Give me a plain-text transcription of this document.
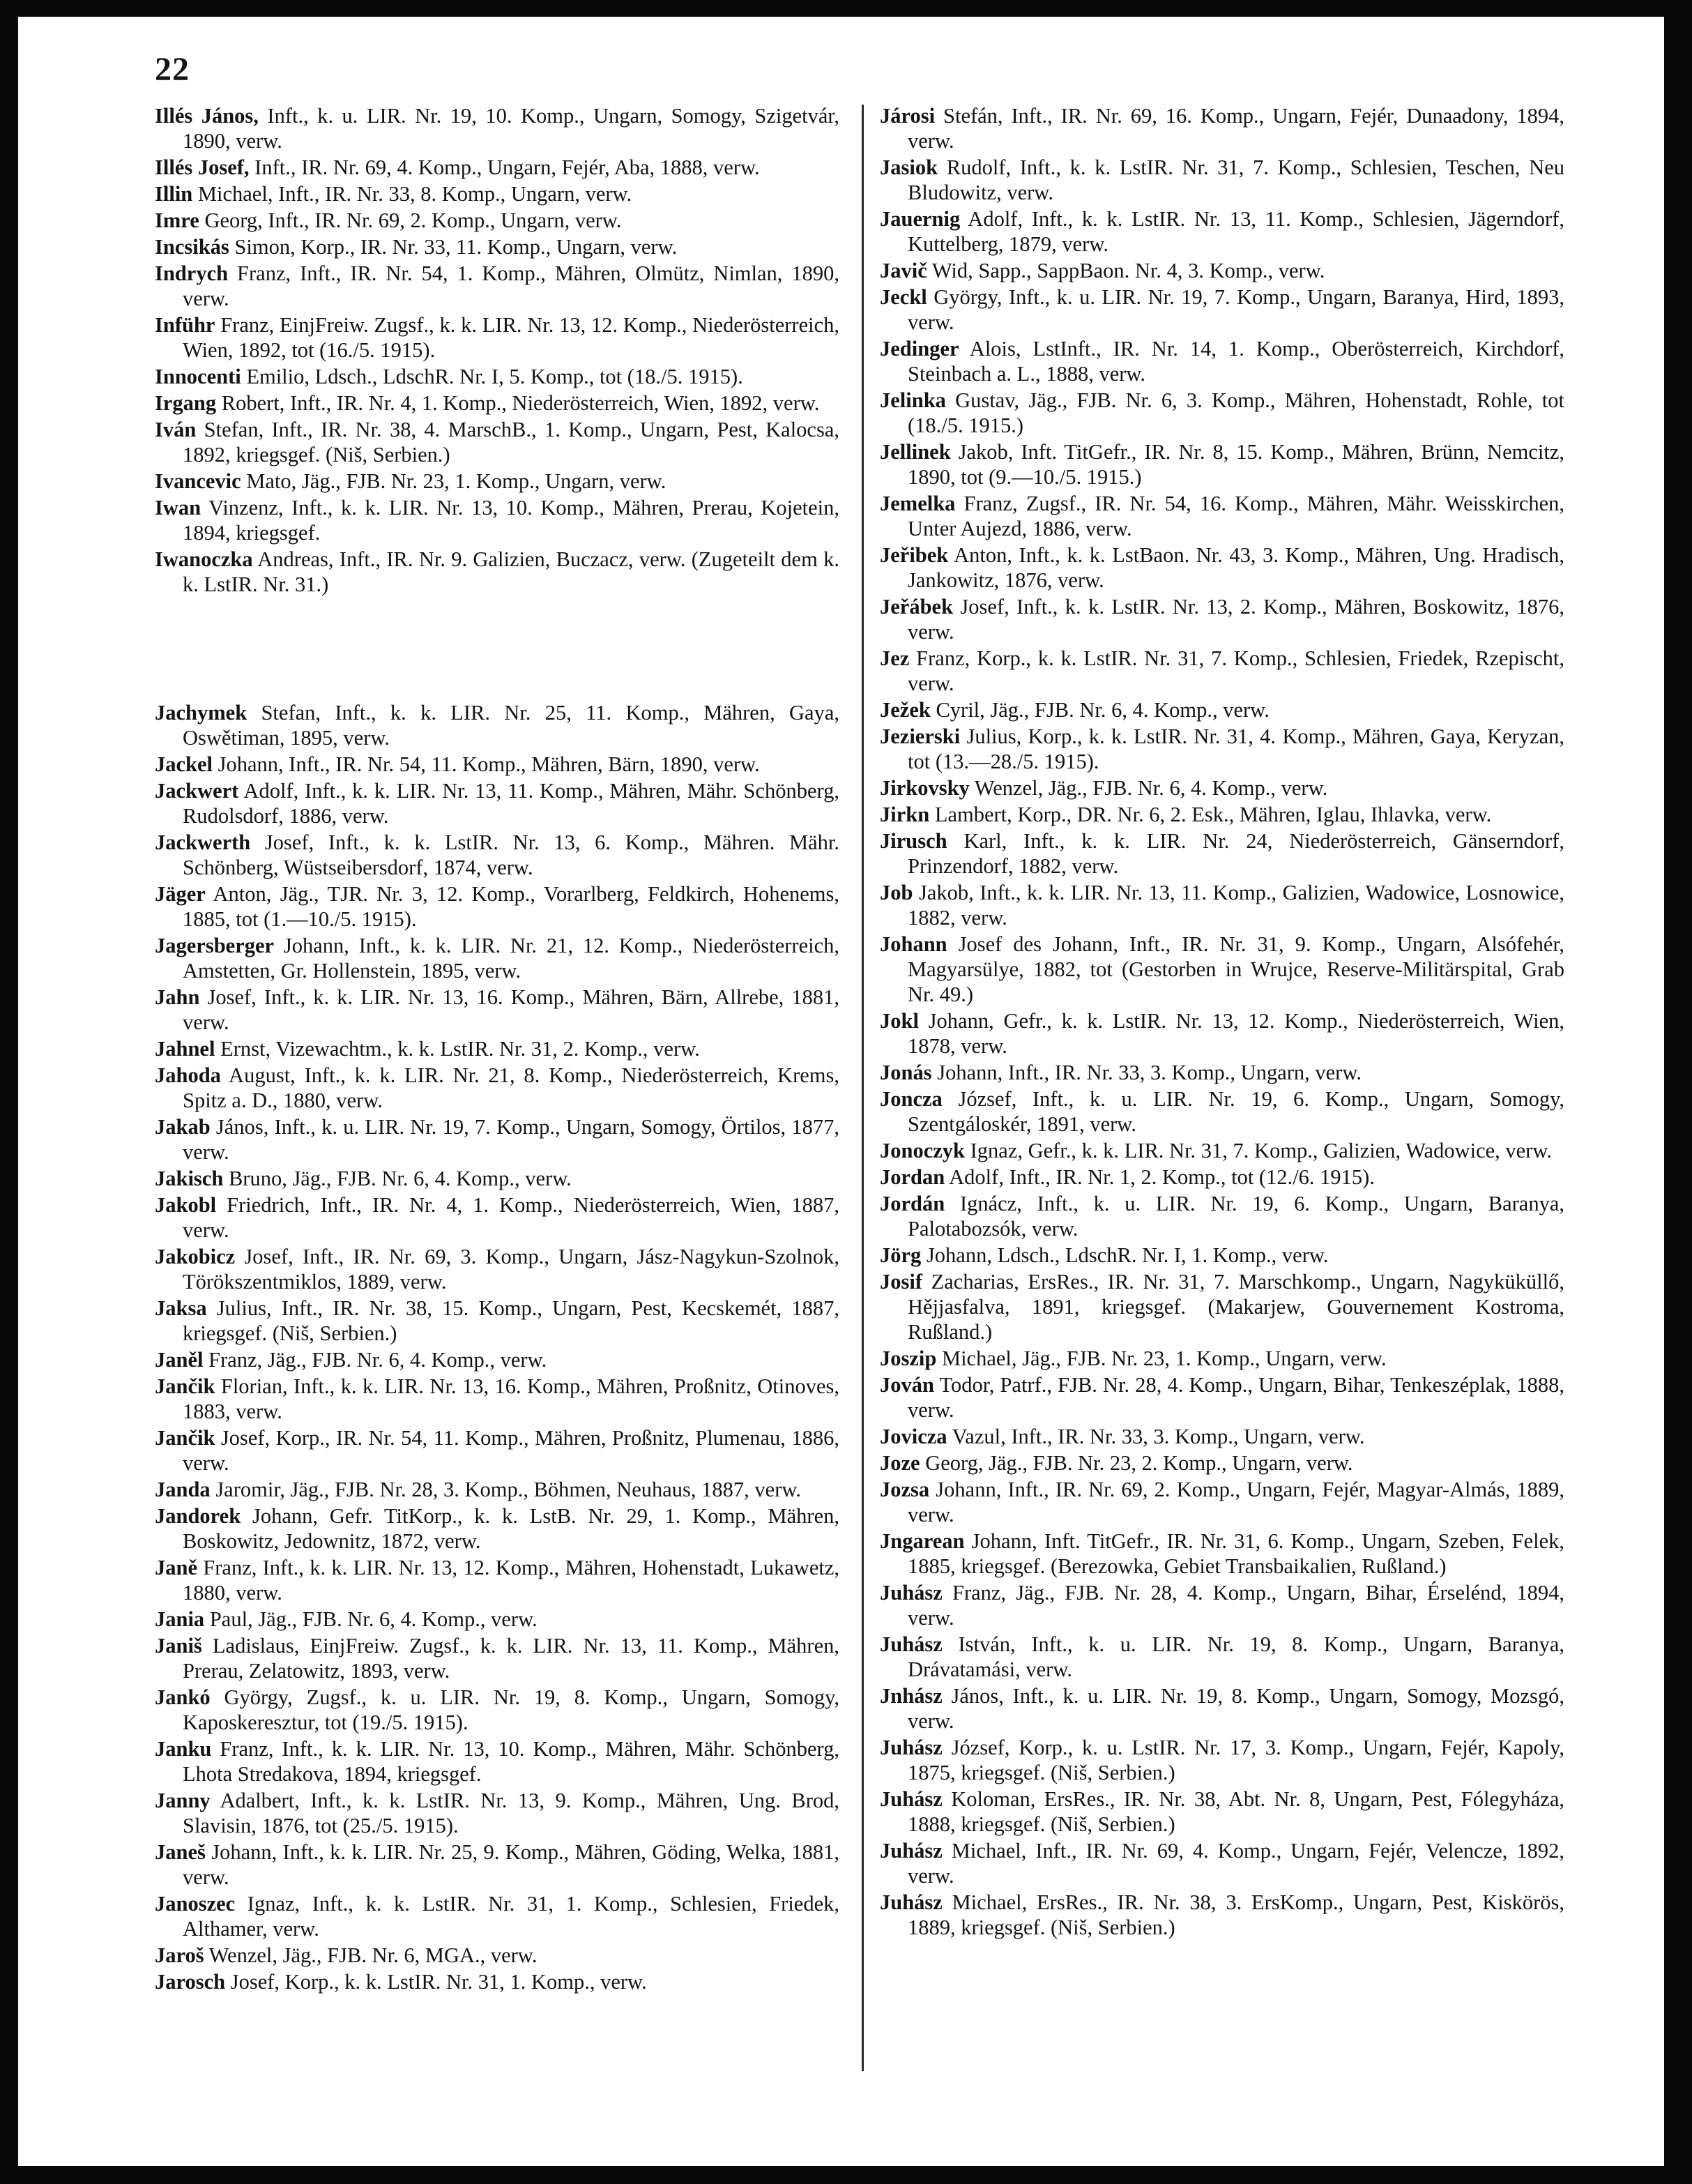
22
Illés János, Inft., k. u. LIR. Nr. 19, 10. Komp., Ungarn, Somogy, Szigetvár, 1890, verw.
Illés Josef, Inft., IR. Nr. 69, 4. Komp., Ungarn, Fejér, Aba, 1888, verw.
Illin Michael, Inft., IR. Nr. 33, 8. Komp., Ungarn, verw.
Imre Georg, Inft., IR. Nr. 69, 2. Komp., Ungarn, verw.
Incsikás Simon, Korp., IR. Nr. 33, 11. Komp., Ungarn, verw.
Indrych Franz, Inft., IR. Nr. 54, 1. Komp., Mähren, Olmütz, Nimlan, 1890, verw.
Inführ Franz, EinjFreiw. Zugsf., k. k. LIR. Nr. 13, 12. Komp., Niederösterreich, Wien, 1892, tot (16./5. 1915).
Innocenti Emilio, Ldsch., LdschR. Nr. I, 5. Komp., tot (18./5. 1915).
Irgang Robert, Inft., IR. Nr. 4, 1. Komp., Niederösterreich, Wien, 1892, verw.
Iván Stefan, Inft., IR. Nr. 38, 4. MarschB., 1. Komp., Ungarn, Pest, Kalocsa, 1892, kriegsgef. (Niš, Serbien.)
Ivancevic Mato, Jäg., FJB. Nr. 23, 1. Komp., Ungarn, verw.
Iwan Vinzenz, Inft., k. k. LIR. Nr. 13, 10. Komp., Mähren, Prerau, Kojetein, 1894, kriegsgef.
Iwanoczka Andreas, Inft., IR. Nr. 9. Galizien, Buczacz, verw. (Zugeteilt dem k. k. LstIR. Nr. 31.)
Jachymek Stefan, Inft., k. k. LIR. Nr. 25, 11. Komp., Mähren, Gaya, Oswětiman, 1895, verw.
Jackel Johann, Inft., IR. Nr. 54, 11. Komp., Mähren, Bärn, 1890, verw.
Jackwert Adolf, Inft., k. k. LIR. Nr. 13, 11. Komp., Mähren, Mähr. Schönberg, Rudolsdorf, 1886, verw.
Jackwerth Josef, Inft., k. k. LstIR. Nr. 13, 6. Komp., Mähren. Mähr. Schönberg, Wüstseibersdorf, 1874, verw.
Jäger Anton, Jäg., TJR. Nr. 3, 12. Komp., Vorarlberg, Feldkirch, Hohenems, 1885, tot (1.—10./5. 1915).
Jagersberger Johann, Inft., k. k. LIR. Nr. 21, 12. Komp., Niederösterreich, Amstetten, Gr. Hollenstein, 1895, verw.
Jahn Josef, Inft., k. k. LIR. Nr. 13, 16. Komp., Mähren, Bärn, Allrebe, 1881, verw.
Jahnel Ernst, Vizewachtm., k. k. LstIR. Nr. 31, 2. Komp., verw.
Jahoda August, Inft., k. k. LIR. Nr. 21, 8. Komp., Niederösterreich, Krems, Spitz a. D., 1880, verw.
Jakab János, Inft., k. u. LIR. Nr. 19, 7. Komp., Ungarn, Somogy, Örtilos, 1877, verw.
Jakisch Bruno, Jäg., FJB. Nr. 6, 4. Komp., verw.
Jakobl Friedrich, Inft., IR. Nr. 4, 1. Komp., Niederösterreich, Wien, 1887, verw.
Jakobicz Josef, Inft., IR. Nr. 69, 3. Komp., Ungarn, Jász-Nagykun-Szolnok, Törökszentmiklos, 1889, verw.
Jaksa Julius, Inft., IR. Nr. 38, 15. Komp., Ungarn, Pest, Kecskemét, 1887, kriegsgef. (Niš, Serbien.)
Janěl Franz, Jäg., FJB. Nr. 6, 4. Komp., verw.
Jančik Florian, Inft., k. k. LIR. Nr. 13, 16. Komp., Mähren, Proßnitz, Otinoves, 1883, verw.
Jančik Josef, Korp., IR. Nr. 54, 11. Komp., Mähren, Proßnitz, Plumenau, 1886, verw.
Janda Jaromir, Jäg., FJB. Nr. 28, 3. Komp., Böhmen, Neuhaus, 1887, verw.
Jandorek Johann, Gefr. TitKorp., k. k. LstB. Nr. 29, 1. Komp., Mähren, Boskowitz, Jedownitz, 1872, verw.
Janě Franz, Inft., k. k. LIR. Nr. 13, 12. Komp., Mähren, Hohenstadt, Lukawetz, 1880, verw.
Jania Paul, Jäg., FJB. Nr. 6, 4. Komp., verw.
Janiš Ladislaus, EinjFreiw. Zugsf., k. k. LIR. Nr. 13, 11. Komp., Mähren, Prerau, Zelatowitz, 1893, verw.
Jankó György, Zugsf., k. u. LIR. Nr. 19, 8. Komp., Ungarn, Somogy, Kaposkeresztur, tot (19./5. 1915).
Janku Franz, Inft., k. k. LIR. Nr. 13, 10. Komp., Mähren, Mähr. Schönberg, Lhota Stredakova, 1894, kriegsgef.
Janny Adalbert, Inft., k. k. LstIR. Nr. 13, 9. Komp., Mähren, Ung. Brod, Slavisin, 1876, tot (25./5. 1915).
Janeš Johann, Inft., k. k. LIR. Nr. 25, 9. Komp., Mähren, Göding, Welka, 1881, verw.
Janoszec Ignaz, Inft., k. k. LstIR. Nr. 31, 1. Komp., Schlesien, Friedek, Althamer, verw.
Jaroš Wenzel, Jäg., FJB. Nr. 6, MGA., verw.
Jarosch Josef, Korp., k. k. LstIR. Nr. 31, 1. Komp., verw.
Járosi Stefán, Inft., IR. Nr. 69, 16. Komp., Ungarn, Fejér, Dunaadony, 1894, verw.
Jasiok Rudolf, Inft., k. k. LstIR. Nr. 31, 7. Komp., Schlesien, Teschen, Neu Bludowitz, verw.
Jauernig Adolf, Inft., k. k. LstIR. Nr. 13, 11. Komp., Schlesien, Jägerndorf, Kuttelberg, 1879, verw.
Javič Wid, Sapp., SappBaon. Nr. 4, 3. Komp., verw.
Jeckl György, Inft., k. u. LIR. Nr. 19, 7. Komp., Ungarn, Baranya, Hird, 1893, verw.
Jedinger Alois, LstInft., IR. Nr. 14, 1. Komp., Oberösterreich, Kirchdorf, Steinbach a. L., 1888, verw.
Jelinka Gustav, Jäg., FJB. Nr. 6, 3. Komp., Mähren, Hohenstadt, Rohle, tot (18./5. 1915.)
Jellinek Jakob, Inft. TitGefr., IR. Nr. 8, 15. Komp., Mähren, Brünn, Nemcitz, 1890, tot (9.—10./5. 1915.)
Jemelka Franz, Zugsf., IR. Nr. 54, 16. Komp., Mähren, Mähr. Weisskirchen, Unter Aujezd, 1886, verw.
Jeřibek Anton, Inft., k. k. LstBaon. Nr. 43, 3. Komp., Mähren, Ung. Hradisch, Jankowitz, 1876, verw.
Jeřábek Josef, Inft., k. k. LstIR. Nr. 13, 2. Komp., Mähren, Boskowitz, 1876, verw.
Jez Franz, Korp., k. k. LstIR. Nr. 31, 7. Komp., Schlesien, Friedek, Rzepischt, verw.
Ježek Cyril, Jäg., FJB. Nr. 6, 4. Komp., verw.
Jezierski Julius, Korp., k. k. LstIR. Nr. 31, 4. Komp., Mähren, Gaya, Keryzan, tot (13.—28./5. 1915).
Jirkovsky Wenzel, Jäg., FJB. Nr. 6, 4. Komp., verw.
Jirkn Lambert, Korp., DR. Nr. 6, 2. Esk., Mähren, Iglau, Ihlavka, verw.
Jirusch Karl, Inft., k. k. LIR. Nr. 24, Niederösterreich, Gänserndorf, Prinzendorf, 1882, verw.
Job Jakob, Inft., k. k. LIR. Nr. 13, 11. Komp., Galizien, Wadowice, Losnowice, 1882, verw.
Johann Josef des Johann, Inft., IR. Nr. 31, 9. Komp., Ungarn, Alsófehér, Magyarsülye, 1882, tot (Gestorben in Wrujce, Reserve-Militärspital, Grab Nr. 49.)
Jokl Johann, Gefr., k. k. LstIR. Nr. 13, 12. Komp., Niederösterreich, Wien, 1878, verw.
Jonás Johann, Inft., IR. Nr. 33, 3. Komp., Ungarn, verw.
Joncza József, Inft., k. u. LIR. Nr. 19, 6. Komp., Ungarn, Somogy, Szentgáloskér, 1891, verw.
Jonoczyk Ignaz, Gefr., k. k. LIR. Nr. 31, 7. Komp., Galizien, Wadowice, verw.
Jordan Adolf, Inft., IR. Nr. 1, 2. Komp., tot (12./6. 1915).
Jordán Ignácz, Inft., k. u. LIR. Nr. 19, 6. Komp., Ungarn, Baranya, Palotabozsók, verw.
Jörg Johann, Ldsch., LdschR. Nr. I, 1. Komp., verw.
Josif Zacharias, ErsRes., IR. Nr. 31, 7. Marschkomp., Ungarn, Nagyküküllő, Hějjasfalva, 1891, kriegsgef. (Makarjew, Gouvernement Kostroma, Rußland.)
Joszip Michael, Jäg., FJB. Nr. 23, 1. Komp., Ungarn, verw.
Jován Todor, Patrf., FJB. Nr. 28, 4. Komp., Ungarn, Bihar, Tenkeszéplak, 1888, verw.
Jovicza Vazul, Inft., IR. Nr. 33, 3. Komp., Ungarn, verw.
Joze Georg, Jäg., FJB. Nr. 23, 2. Komp., Ungarn, verw.
Jozsa Johann, Inft., IR. Nr. 69, 2. Komp., Ungarn, Fejér, Magyar-Almás, 1889, verw.
Jngarean Johann, Inft. TitGefr., IR. Nr. 31, 6. Komp., Ungarn, Szeben, Felek, 1885, kriegsgef. (Berezowka, Gebiet Transbaikalien, Rußland.)
Juhász Franz, Jäg., FJB. Nr. 28, 4. Komp., Ungarn, Bihar, Érselénd, 1894, verw.
Juhász István, Inft., k. u. LIR. Nr. 19, 8. Komp., Ungarn, Baranya, Drávatamási, verw.
Jnhász János, Inft., k. u. LIR. Nr. 19, 8. Komp., Ungarn, Somogy, Mozsgó, verw.
Juhász József, Korp., k. u. LstIR. Nr. 17, 3. Komp., Ungarn, Fejér, Kapoly, 1875, kriegsgef. (Niš, Serbien.)
Juhász Koloman, ErsRes., IR. Nr. 38, Abt. Nr. 8, Ungarn, Pest, Fólegyháza, 1888, kriegsgef. (Niš, Serbien.)
Juhász Michael, Inft., IR. Nr. 69, 4. Komp., Ungarn, Fejér, Velencze, 1892, verw.
Juhász Michael, ErsRes., IR. Nr. 38, 3. ErsKomp., Ungarn, Pest, Kiskörös, 1889, kriegsgef. (Niš, Serbien.)
